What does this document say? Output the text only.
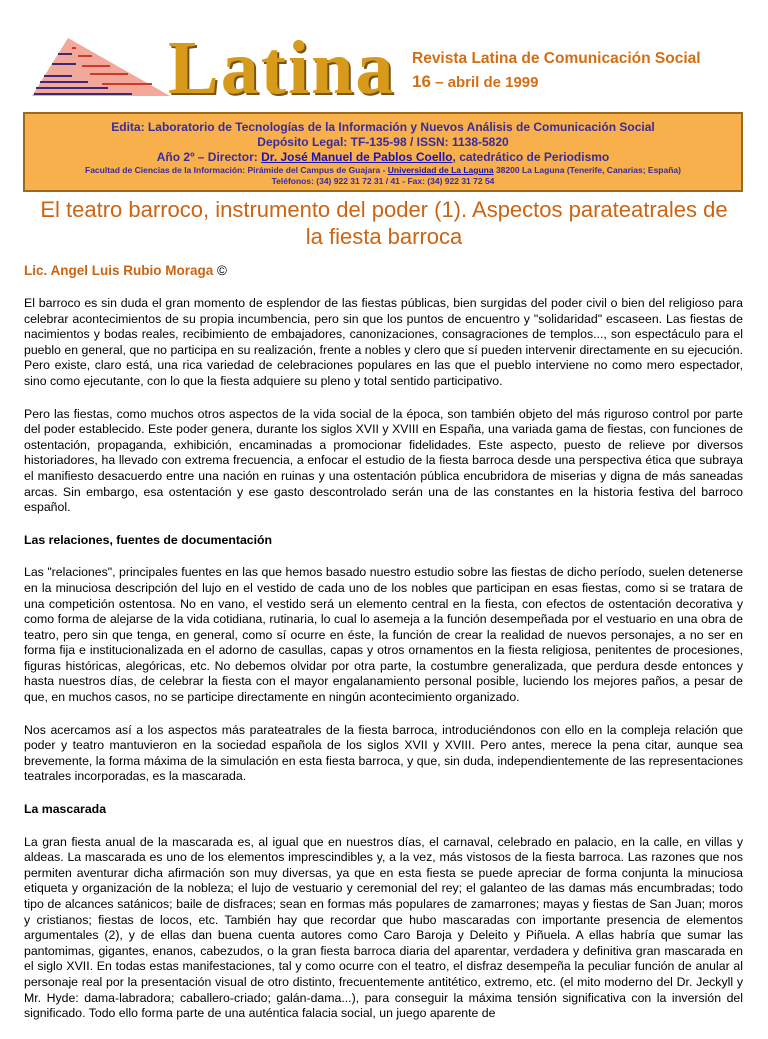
Latina Revista Latina de Comunicación Social
16 – abril de 1999
Edita: Laboratorio de Tecnologías de la Información y Nuevos Análisis de Comunicación Social
Depósito Legal: TF-135-98 / ISSN: 1138-5820
Año 2º – Director: Dr. José Manuel de Pablos Coello, catedrático de Periodismo
Facultad de Ciencias de la Información: Pirámide del Campus de Guajara - Universidad de La Laguna 38200 La Laguna (Tenerife, Canarias; España)
Teléfonos: (34) 922 31 72 31 / 41 - Fax: (34) 922 31 72 54
El teatro barroco, instrumento del poder (1). Aspectos parateatrales de la fiesta barroca
Lic. Angel Luis Rubio Moraga ©

El barroco es sin duda el gran momento de esplendor de las fiestas públicas, bien surgidas del poder civil o bien del religioso para celebrar acontecimientos de su propia incumbencia, pero sin que los puntos de encuentro y "solidaridad" escaseen. Las fiestas de nacimientos y bodas reales, recibimiento de embajadores, canonizaciones, consagraciones de templos..., son espectáculo para el pueblo en general, que no participa en su realización, frente a nobles y clero que sí pueden intervenir directamente en su ejecución. Pero existe, claro está, una rica variedad de celebraciones populares en las que el pueblo interviene no como mero espectador, sino como ejecutante, con lo que la fiesta adquiere su pleno y total sentido participativo.

Pero las fiestas, como muchos otros aspectos de la vida social de la época, son también objeto del más riguroso control por parte del poder establecido. Este poder genera, durante los siglos XVII y XVIII en España, una variada gama de fiestas, con funciones de ostentación, propaganda, exhibición, encaminadas a promocionar fidelidades. Este aspecto, puesto de relieve por diversos historiadores, ha llevado con extrema frecuencia, a enfocar el estudio de la fiesta barroca desde una perspectiva ética que subraya el manifiesto desacuerdo entre una nación en ruinas y una ostentación pública encubridora de miserias y digna de más saneadas arcas. Sin embargo, esa ostentación y ese gasto descontrolado serán una de las constantes en la historia festiva del barroco español.

Las relaciones, fuentes de documentación

Las "relaciones", principales fuentes en las que hemos basado nuestro estudio sobre las fiestas de dicho período, suelen detenerse en la minuciosa descripción del lujo en el vestido de cada uno de los nobles que participan en esas fiestas, como si se tratara de una competición ostentosa. No en vano, el vestido será un elemento central en la fiesta, con efectos de ostentación decorativa y como forma de alejarse de la vida cotidiana, rutinaria, lo cual lo asemeja a la función desempeñada por el vestuario en una obra de teatro, pero sin que tenga, en general, como sí ocurre en éste, la función de crear la realidad de nuevos personajes, a no ser en forma fija e institucionalizada en el adorno de casullas, capas y otros ornamentos en la fiesta religiosa, penitentes de procesiones, figuras históricas, alegóricas, etc. No debemos olvidar por otra parte, la costumbre generalizada, que perdura desde entonces y hasta nuestros días, de celebrar la fiesta con el mayor engalanamiento personal posible, luciendo los mejores paños, a pesar de que, en muchos casos, no se participe directamente en ningún acontecimiento organizado.

Nos acercamos así a los aspectos más parateatrales de la fiesta barroca, introduciéndonos con ello en la compleja relación que poder y teatro mantuvieron en la sociedad española de los siglos XVII y XVIII. Pero antes, merece la pena citar, aunque sea brevemente, la forma máxima de la simulación en esta fiesta barroca, y que, sin duda, independientemente de las representaciones teatrales incorporadas, es la mascarada.

La mascarada

La gran fiesta anual de la mascarada es, al igual que en nuestros días, el carnaval, celebrado en palacio, en la calle, en villas y aldeas. La mascarada es uno de los elementos imprescindibles y, a la vez, más vistosos de la fiesta barroca. Las razones que nos permiten aventurar dicha afirmación son muy diversas, ya que en esta fiesta se puede apreciar de forma conjunta la minuciosa etiqueta y organización de la nobleza; el lujo de vestuario y ceremonial del rey; el galanteo de las damas más encumbradas; todo tipo de alcances satánicos; baile de disfraces; sean en formas más populares de zamarrones; mayas y fiestas de San Juan; moros y cristianos; fiestas de locos, etc. También hay que recordar que hubo mascaradas con importante presencia de elementos argumentales (2), y de ellas dan buena cuenta autores como Caro Baroja y Deleito y Piñuela. A ellas habría que sumar las pantomimas, gigantes, enanos, cabezudos, o la gran fiesta barroca diaria del aparentar, verdadera y definitiva gran mascarada en el siglo XVII. En todas estas manifestaciones, tal y como ocurre con el teatro, el disfraz desempeña la peculiar función de anular al personaje real por la presentación visual de otro distinto, frecuentemente antitético, extremo, etc. (el mito moderno del Dr. Jeckyll y Mr. Hyde: dama-labradora; caballero-criado; galán-dama...), para conseguir la máxima tensión significativa con la inversión del significado. Todo ello forma parte de una auténtica falacia social, un juego aparente de
